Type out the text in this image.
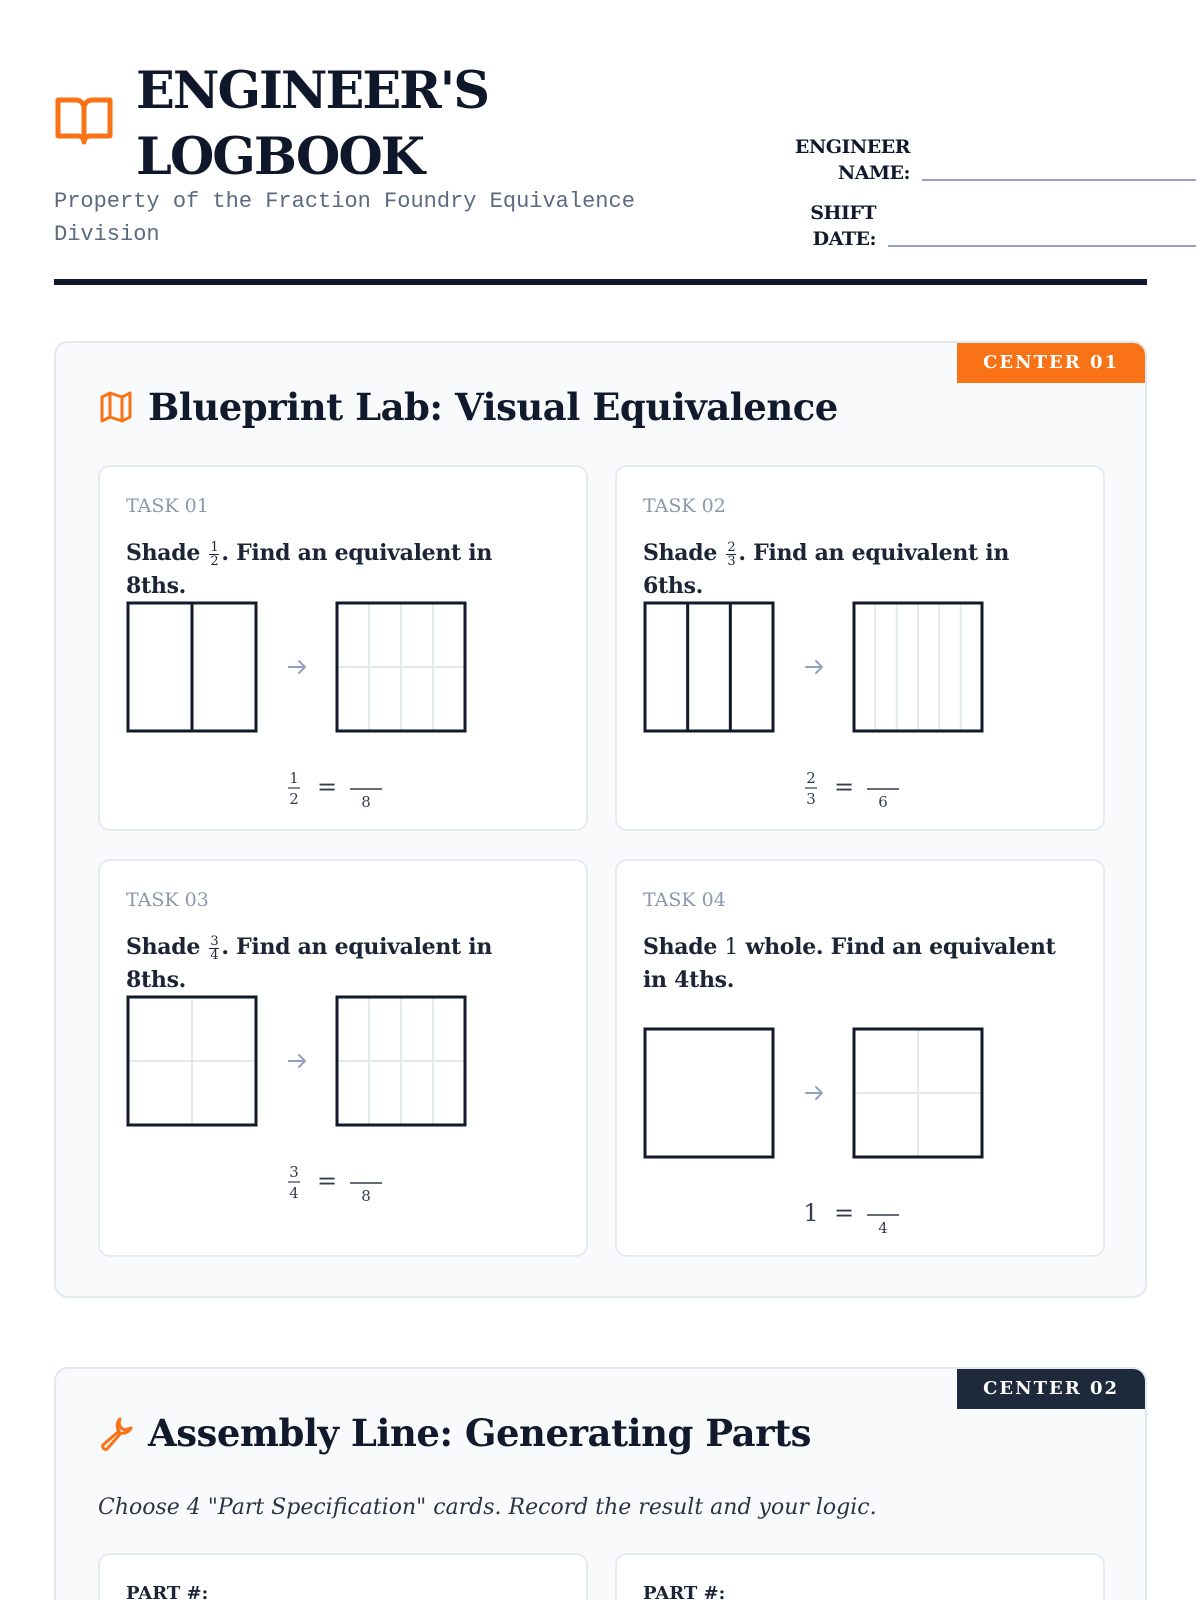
ENGINEER'S
LOGBOOK
Property of the Fraction Foundry Equivalence Division
ENGINEER NAME:
SHIFT DATE:
CENTER 01
Blueprint Lab: Visual Equivalence
TASK 01
Shade $\frac{1}{2}$ . Find an equivalent in 8ths.
1
2 =
8
TASK 02
Shade $\frac{2}{3}$ . Find an equivalent in 6ths.
2
3 =
6
TASK 03
Shade $\frac{3}{4}$ . Find an equivalent in 8ths.
3
4 =
8
TASK 04
Shade 1 whole. Find an equivalent in 4ths.
1 =
4
CENTER 02
Assembly Line: Generating Parts
Choose 4 "Part Specification" cards. Record the result and your logic.
PART #:	PART #:
